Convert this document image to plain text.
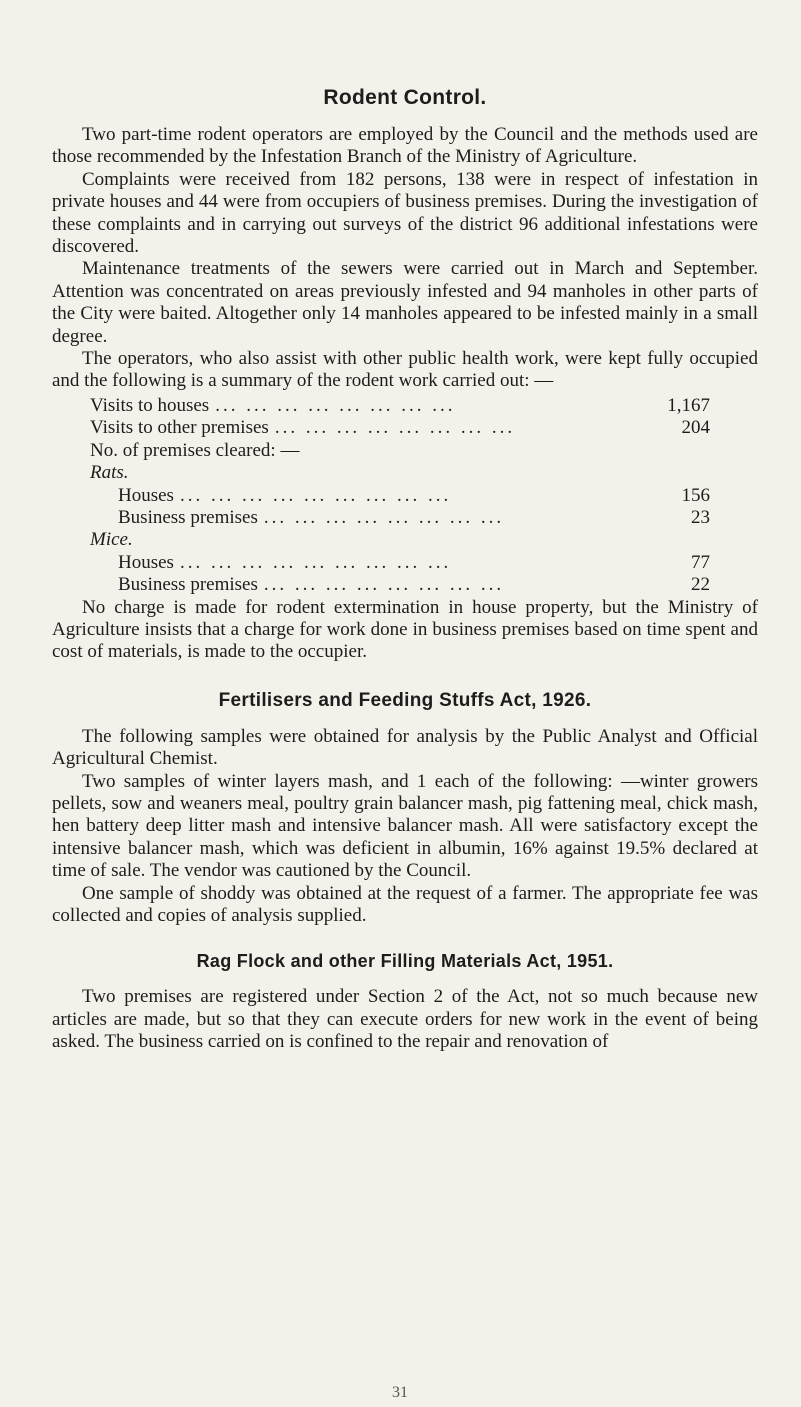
Rodent Control.

Two part-time rodent operators are employed by the Council and the methods used are those recommended by the Infestation Branch of the Ministry of Agriculture.

Complaints were received from 182 persons, 138 were in respect of infestation in private houses and 44 were from occupiers of business premises. During the investigation of these complaints and in carrying out surveys of the district 96 additional infestations were discovered.

Maintenance treatments of the sewers were carried out in March and September. Attention was concentrated on areas previously infested and 94 manholes in other parts of the City were baited. Altogether only 14 manholes appeared to be infested mainly in a small degree.

The operators, who also assist with other public health work, were kept fully occupied and the following is a summary of the rodent work carried out: —

Visits to houses ... ... ... ... ... ... ... ...	1,167
Visits to other premises ... ... ... ... ... ... ... ...	204
No. of premises cleared: —
Rats.
Houses ... ... ... ... ... ... ... ... ...	156
Business premises ... ... ... ... ... ... ... ...	23
Mice.
Houses ... ... ... ... ... ... ... ... ...	77
Business premises ... ... ... ... ... ... ... ...	22

No charge is made for rodent extermination in house property, but the Ministry of Agriculture insists that a charge for work done in business premises based on time spent and cost of materials, is made to the occupier.

Fertilisers and Feeding Stuffs Act, 1926.

The following samples were obtained for analysis by the Public Analyst and Official Agricultural Chemist.

Two samples of winter layers mash, and 1 each of the following: —winter growers pellets, sow and weaners meal, poultry grain balancer mash, pig fattening meal, chick mash, hen battery deep litter mash and intensive balancer mash. All were satisfactory except the intensive balancer mash, which was deficient in albumin, 16% against 19.5% declared at time of sale. The vendor was cautioned by the Council.

One sample of shoddy was obtained at the request of a farmer. The appropriate fee was collected and copies of analysis supplied.

Rag Flock and other Filling Materials Act, 1951.

Two premises are registered under Section 2 of the Act, not so much because new articles are made, but so that they can execute orders for new work in the event of being asked. The business carried on is confined to the repair and renovation of

31
